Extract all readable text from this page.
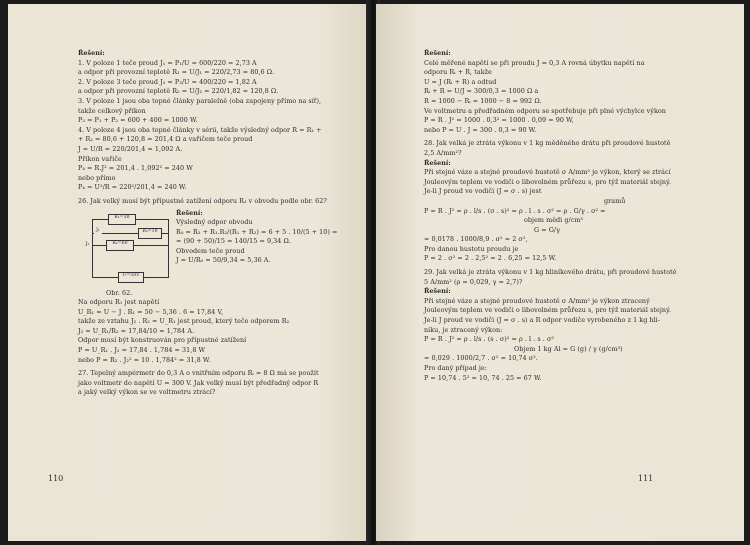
Řešení:

1. V poloze 1 teče proud J₁ = P₁/U = 600/220 = 2,73 A

a odpor při provozní teplotě R₁ = U/J₁ = 220/2,73 = 80,6 Ω.

2. V poloze 3 teče proud J₃ = P₃/U = 400/220 = 1,82 A

a odpor při provozní teplotě R₂ = U/J₂ = 220/1,82 = 120,8 Ω.

3. V poloze 1 jsou oba topné články paralelně (oba zapojeny přímo na síť),

takže celkový příkon

P₃ = P₁ + P₂ = 600 + 400 = 1000 W.

4. V poloze 4 jsou oba topné články v sérii, takže výsledný odpor R = R₁ +

+ R₂ = 80,6 + 120,8 = 201,4 Ω a vařičem teče proud

J = U/R = 220/201,4 = 1,092 A.

Příkon vařiče

P₄ = R.J² = 201,4 . 1,092² = 240 W

nebo přímo

P₄ = U²/R = 220²/201,4 = 240 W.

26. Jak velký musí být přípustné zatížení odporu R₃ v obvodu podle obr. 62?

R₁=30
R₃=10
R₂=60
J₁
J₂
U=50V

Obr. 62.

Řešení:

Výsledný odpor obvodu

R₀ = R₃ + R₁.R₂/(R₁ + R₂) = 6 + 5 . 10/(5 + 10) =

= (90 + 50)/15 = 140/15 = 9,34 Ω.

Obvodem teče proud

J = U/R₀ = 50/9,34 = 5,36 A.

Na odporu R₁ jest napětí

U_R₁ = U − J . R₁ = 50 − 5,36 . 6 = 17,84 V,

takže ze vztahu J₂ . R₂ = U_R₁ jest proud, který teče odporem R₂

J₂ = U_R₁/R₂ = 17,84/10 = 1,784 A.

Odpor musí být konstruován pro přípustné zatížení

P = U_R₁ . J₂ = 17,84 . 1,784 = 31,8 W

nebo P = R₂ . J₂² = 10 . 1,784² = 31,8 W.

27. Tepelný ampérmetr do 0,3 A o vnitřním odporu Rᵢ = 8 Ω má se použít

jako voltmetr do napětí U = 300 V. Jak velký musí být předřadný odpor R

a jaký velký výkon se ve voltmetru ztrácí?

110

Řešení:

Celé měřené napětí se při proudu J = 0,3 A rovná úbytku napětí na

odporu Rᵢ + R, takže

U = J (Rᵢ + R) a odtud

Rᵢ + R = U/J = 300/0,3 = 1000 Ω a

R = 1000 − Rᵢ = 1000 − 8 = 992 Ω.

Ve voltmetru a předřadném odporu se spotřebuje při plné výchylce výkon

P = R . J² = 1000 . 0,3² = 1000 . 0,09 = 90 W,

nebo P = U . J = 300 . 0,3 = 90 W.

28. Jak velká je ztráta výkonu v 1 kg měděného drátu při proudové hustotě

2,5 A/mm²?

Řešení:

Při stejné váze a stejné proudové hustotě σ A/mm² je výkon, který se ztrácí

Jouleovým teplem ve vodiči o libovolném průřezu s, pro týž materiál stejný.

Je-li J proud ve vodiči (J = σ . s) jest

gramů

P = R . J² = ρ . l/s . (σ . s)² = ρ . l . s . σ² = ρ . G/γ . σ² =

objem mědi g/cm³

G = G/γ

= 0,0178 . 1000/8,9 . σ² = 2 σ²,

Pro danou hustotu proudu je

P = 2 . σ² = 2 . 2,5² = 2 . 6,25 = 12,5 W.

29. Jak velká je ztráta výkonu v 1 kg hliníkového drátu, při proudové hustotě

5 A/mm² (ρ = 0,029, γ = 2,7)?

Řešení:

Při stejné váze a stejné proudové hustotě σ A/mm² je výkon ztracený

Jouleovým teplem ve vodiči o libovolném průřezu s, pro týž materiál stejný.

Je-li J proud ve vodiči (J = σ . s) a R odpor vodiče vyrobeného z 1 kg hli-

níku, je ztracený výkon:

P = R . J² = ρ . l/s . (s . σ)² = ρ . l . s . σ²

Objem 1 kg Al = G (g) / γ (g/cm³)

= 0,029 . 1000/2,7 . σ² = 10,74 σ².

Pro daný případ je:

P = 10,74 . 5² = 10, 74 . 25 = 67 W.

111
